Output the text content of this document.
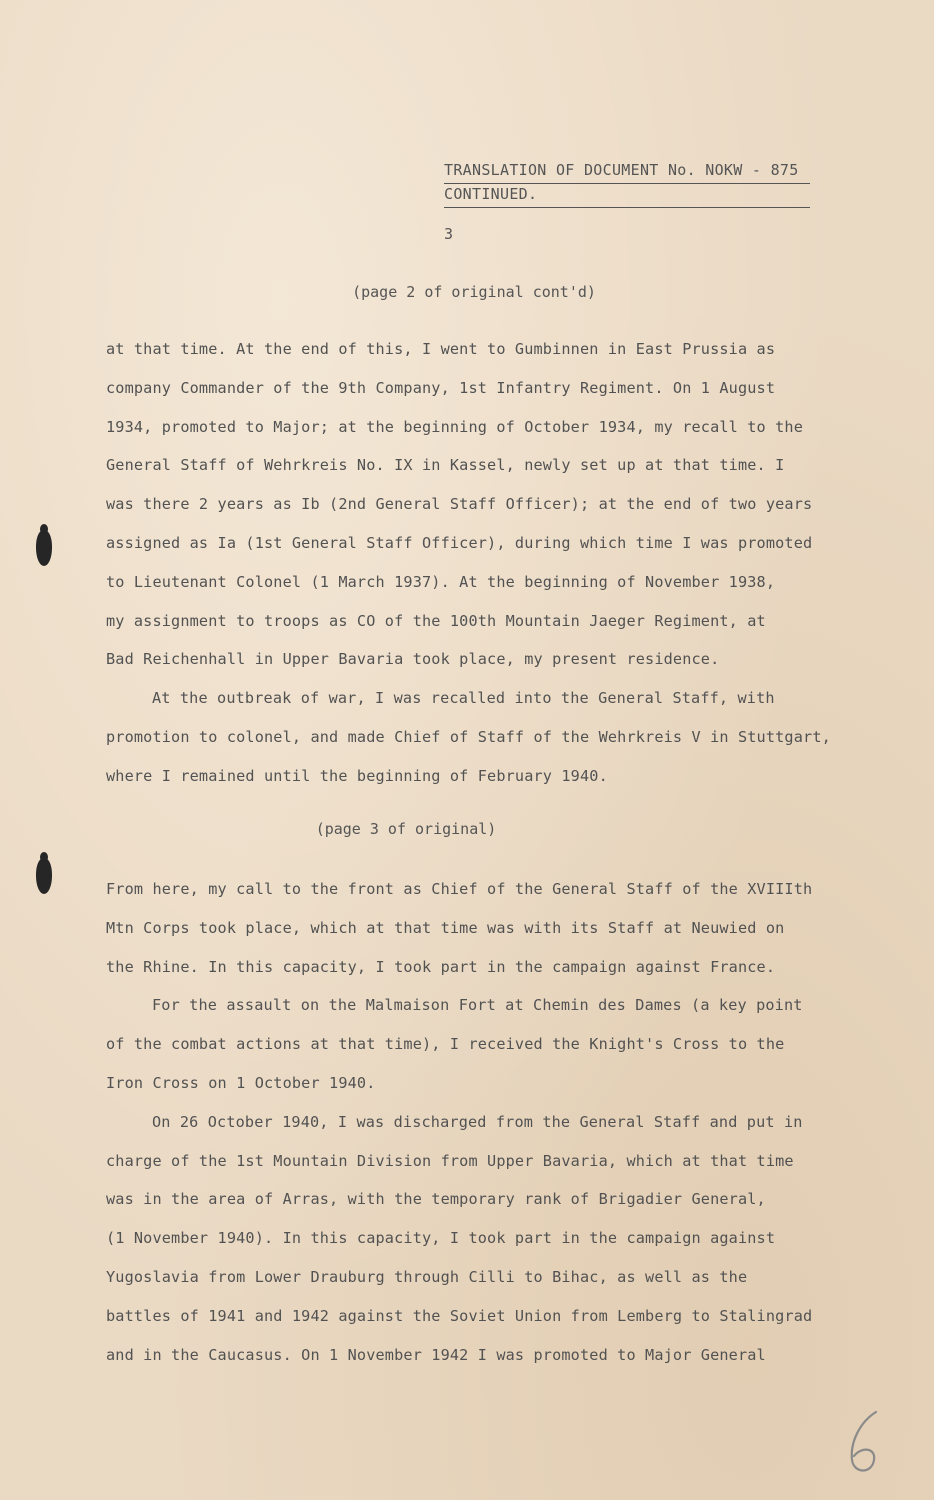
TRANSLATION OF DOCUMENT No. NOKW - 875
CONTINUED.
3
(page 2 of original cont'd)
at that time. At the end of this, I went to Gumbinnen in East Prussia as
company Commander of the 9th Company, 1st Infantry Regiment. On 1 August
1934, promoted to Major; at the beginning of October 1934, my recall to the
General Staff of Wehrkreis No. IX in Kassel, newly set up at that time. I
was there 2 years as Ib (2nd General Staff Officer); at the end of two years
assigned as Ia (1st General Staff Officer), during which time I was promoted
to Lieutenant Colonel (1 March 1937). At the beginning of November 1938,
my assignment to troops as CO of the 100th Mountain Jaeger Regiment, at
Bad Reichenhall in Upper Bavaria took place, my present residence.
At the outbreak of war, I was recalled into the General Staff, with
promotion to colonel, and made Chief of Staff of the Wehrkreis V in Stuttgart,
where I remained until the beginning of February 1940.
(page 3 of original)
From here, my call to the front as Chief of the General Staff of the XVIIIth
Mtn Corps took place, which at that time was with its Staff at Neuwied on
the Rhine. In this capacity, I took part in the campaign against France.
For the assault on the Malmaison Fort at Chemin des Dames (a key point
of the combat actions at that time), I received the Knight's Cross to the
Iron Cross on 1 October 1940.
On 26 October 1940, I was discharged from the General Staff and put in
charge of the 1st Mountain Division from Upper Bavaria, which at that time
was in the area of Arras, with the temporary rank of Brigadier General,
(1 November 1940). In this capacity, I took part in the campaign against
Yugoslavia from Lower Drauburg through Cilli to Bihac, as well as the
battles of 1941 and 1942 against the Soviet Union from Lemberg to Stalingrad
and in the Caucasus. On 1 November 1942 I was promoted to Major General
